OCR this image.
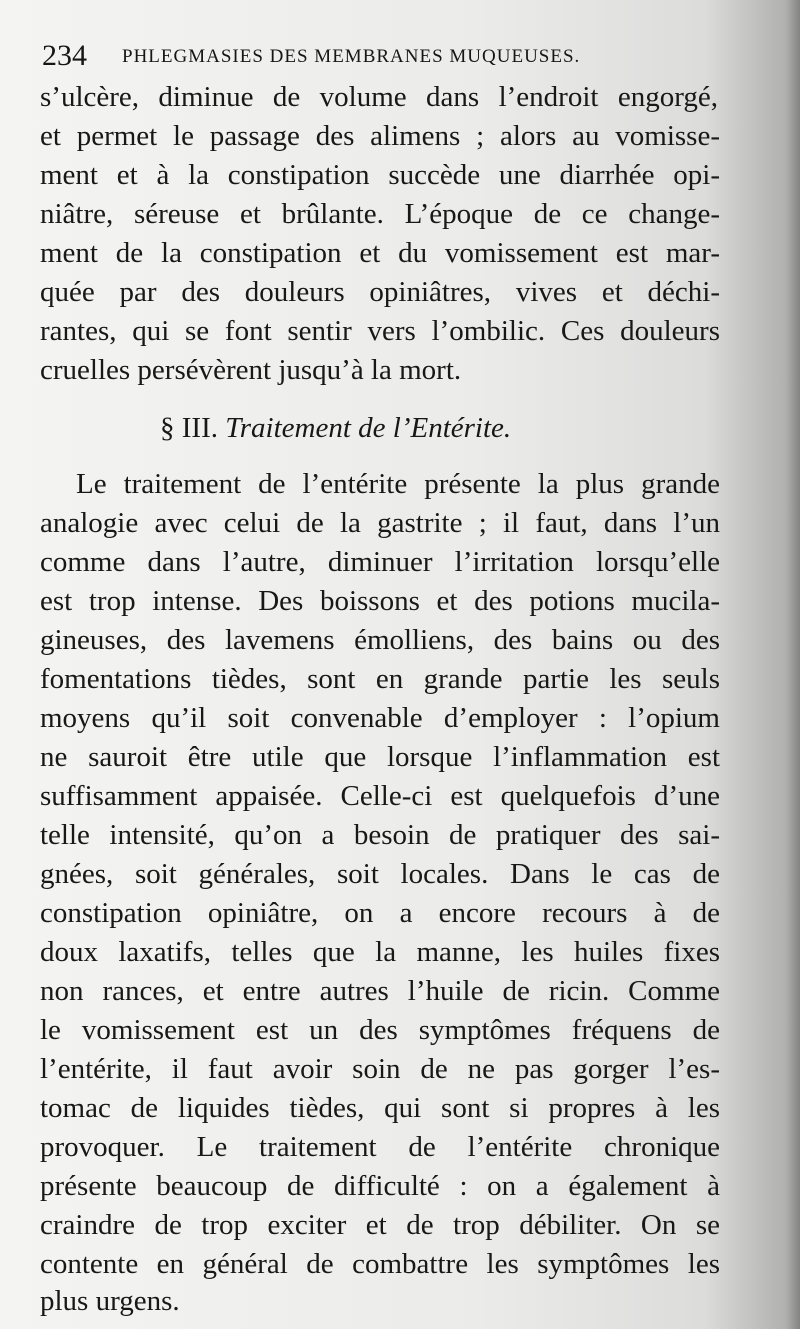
234 PHLEGMASIES DES MEMBRANES MUQUEUSES.
s’ulcère, diminue de volume dans l’endroit engorgé,
et permet le passage des alimens ; alors au vomisse-
ment et à la constipation succède une diarrhée opi-
niâtre, séreuse et brûlante. L’époque de ce change-
ment de la constipation et du vomissement est mar-
quée par des douleurs opiniâtres, vives et déchi-
rantes, qui se font sentir vers l’ombilic. Ces douleurs
cruelles persévèrent jusqu’à la mort.
§ III. Traitement de l’Entérite.
Le traitement de l’entérite présente la plus grande
analogie avec celui de la gastrite ; il faut, dans l’un
comme dans l’autre, diminuer l’irritation lorsqu’elle
est trop intense. Des boissons et des potions mucila-
gineuses, des lavemens émolliens, des bains ou des
fomentations tièdes, sont en grande partie les seuls
moyens qu’il soit convenable d’employer : l’opium
ne sauroit être utile que lorsque l’inflammation est
suffisamment appaisée. Celle-ci est quelquefois d’une
telle intensité, qu’on a besoin de pratiquer des sai-
gnées, soit générales, soit locales. Dans le cas de
constipation opiniâtre, on a encore recours à de
doux laxatifs, telles que la manne, les huiles fixes
non rances, et entre autres l’huile de ricin. Comme
le vomissement est un des symptômes fréquens de
l’entérite, il faut avoir soin de ne pas gorger l’es-
tomac de liquides tièdes, qui sont si propres à les
provoquer. Le traitement de l’entérite chronique
présente beaucoup de difficulté : on a également à
craindre de trop exciter et de trop débiliter. On se
contente en général de combattre les symptômes les
plus urgens.
